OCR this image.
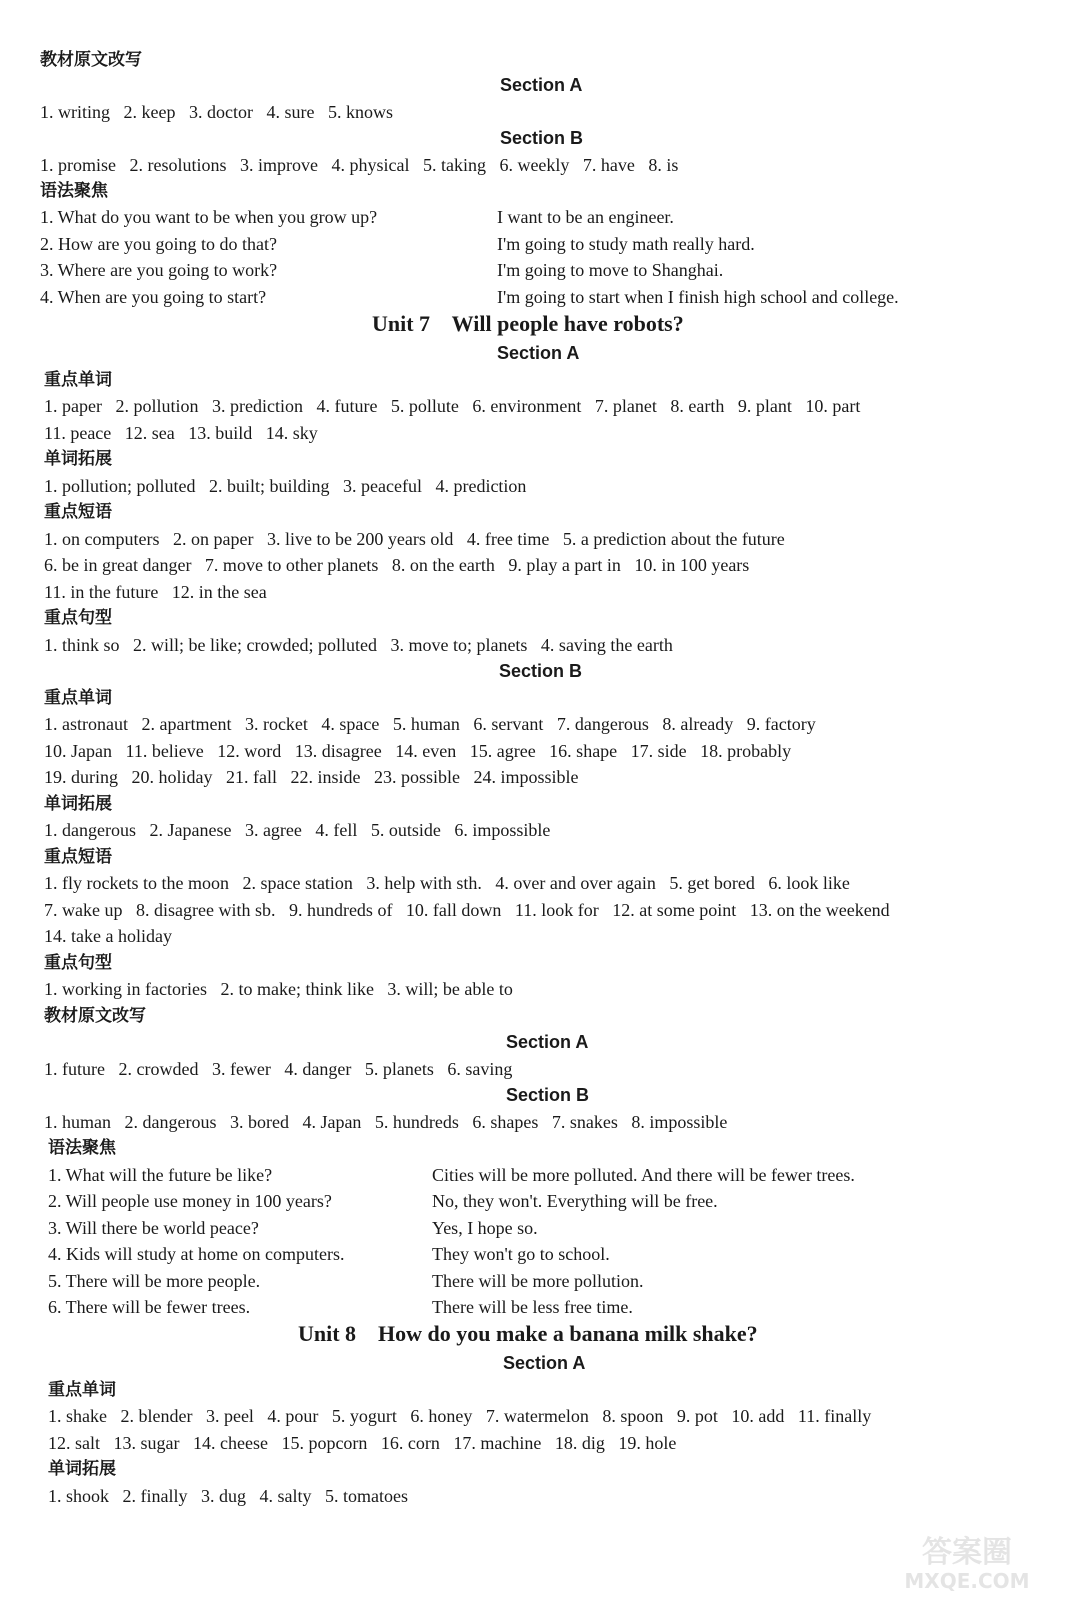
教材原文改写
Section A
1. writing   2. keep   3. doctor   4. sure   5. knows
Section B
1. promise   2. resolutions   3. improve   4. physical   5. taking   6. weekly   7. have   8. is
语法聚焦
1. What do you want to be when you grow up?	I want to be an engineer.
2. How are you going to do that?	I'm going to study math really hard.
3. Where are you going to work?	I'm going to move to Shanghai.
4. When are you going to start?	I'm going to start when I finish high school and college.
Unit 7    Will people have robots?
Section A
重点单词
1. paper   2. pollution   3. prediction   4. future   5. pollute   6. environment   7. planet   8. earth   9. plant   10. part
11. peace   12. sea   13. build   14. sky
单词拓展
1. pollution; polluted   2. built; building   3. peaceful   4. prediction
重点短语
1. on computers   2. on paper   3. live to be 200 years old   4. free time   5. a prediction about the future
6. be in great danger   7. move to other planets   8. on the earth   9. play a part in   10. in 100 years
11. in the future   12. in the sea
重点句型
1. think so   2. will; be like; crowded; polluted   3. move to; planets   4. saving the earth
Section B
重点单词
1. astronaut   2. apartment   3. rocket   4. space   5. human   6. servant   7. dangerous   8. already   9. factory
10. Japan   11. believe   12. word   13. disagree   14. even   15. agree   16. shape   17. side   18. probably
19. during   20. holiday   21. fall   22. inside   23. possible   24. impossible
单词拓展
1. dangerous   2. Japanese   3. agree   4. fell   5. outside   6. impossible
重点短语
1. fly rockets to the moon   2. space station   3. help with sth.   4. over and over again   5. get bored   6. look like
7. wake up   8. disagree with sb.   9. hundreds of   10. fall down   11. look for   12. at some point   13. on the weekend
14. take a holiday
重点句型
1. working in factories   2. to make; think like   3. will; be able to
教材原文改写
Section A
1. future   2. crowded   3. fewer   4. danger   5. planets   6. saving
Section B
1. human   2. dangerous   3. bored   4. Japan   5. hundreds   6. shapes   7. snakes   8. impossible
语法聚焦
1. What will the future be like?	Cities will be more polluted. And there will be fewer trees.
2. Will people use money in 100 years?	No, they won't. Everything will be free.
3. Will there be world peace?	Yes, I hope so.
4. Kids will study at home on computers.	They won't go to school.
5. There will be more people.	There will be more pollution.
6. There will be fewer trees.	There will be less free time.
Unit 8    How do you make a banana milk shake?
Section A
重点单词
1. shake   2. blender   3. peel   4. pour   5. yogurt   6. honey   7. watermelon   8. spoon   9. pot   10. add   11. finally
12. salt   13. sugar   14. cheese   15. popcorn   16. corn   17. machine   18. dig   19. hole
单词拓展
1. shook   2. finally   3. dug   4. salty   5. tomatoes
答案圈
MXQE.COM
